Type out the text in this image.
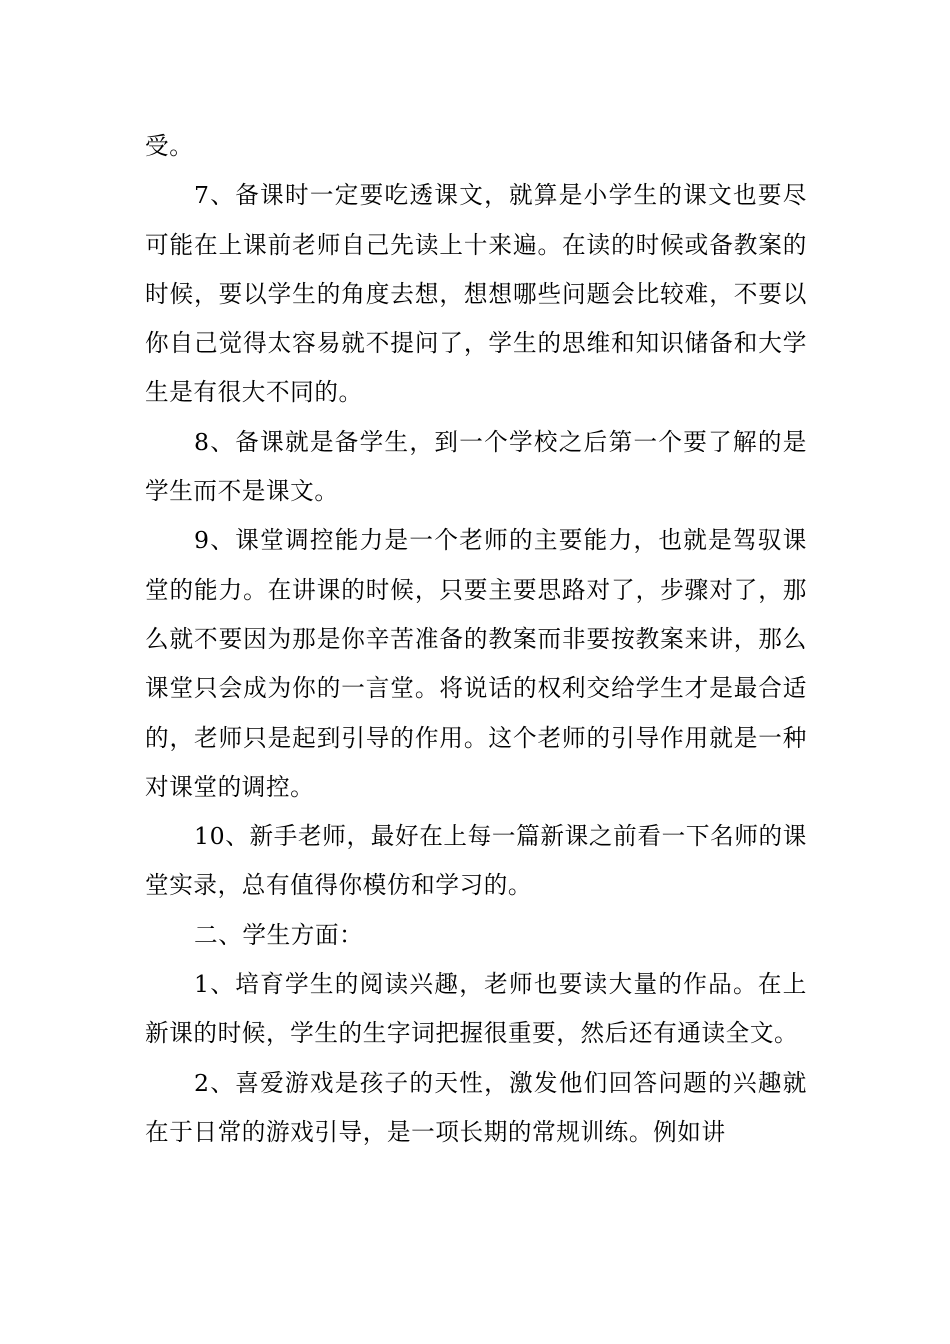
受。

7、备课时一定要吃透课文，就算是小学生的课文也要尽可能在上课前老师自己先读上十来遍。在读的时候或备教案的时候，要以学生的角度去想，想想哪些问题会比较难，不要以你自己觉得太容易就不提问了，学生的思维和知识储备和大学生是有很大不同的。

8、备课就是备学生，到一个学校之后第一个要了解的是学生而不是课文。

9、课堂调控能力是一个老师的主要能力，也就是驾驭课堂的能力。在讲课的时候，只要主要思路对了，步骤对了，那么就不要因为那是你辛苦准备的教案而非要按教案来讲，那么课堂只会成为你的一言堂。将说话的权利交给学生才是最合适的，老师只是起到引导的作用。这个老师的引导作用就是一种对课堂的调控。

10、新手老师，最好在上每一篇新课之前看一下名师的课堂实录，总有值得你模仿和学习的。

二、学生方面：

1、培育学生的阅读兴趣，老师也要读大量的作品。在上新课的时候，学生的生字词把握很重要，然后还有通读全文。

2、喜爱游戏是孩子的天性，激发他们回答问题的兴趣就在于日常的游戏引导，是一项长期的常规训练。例如讲
